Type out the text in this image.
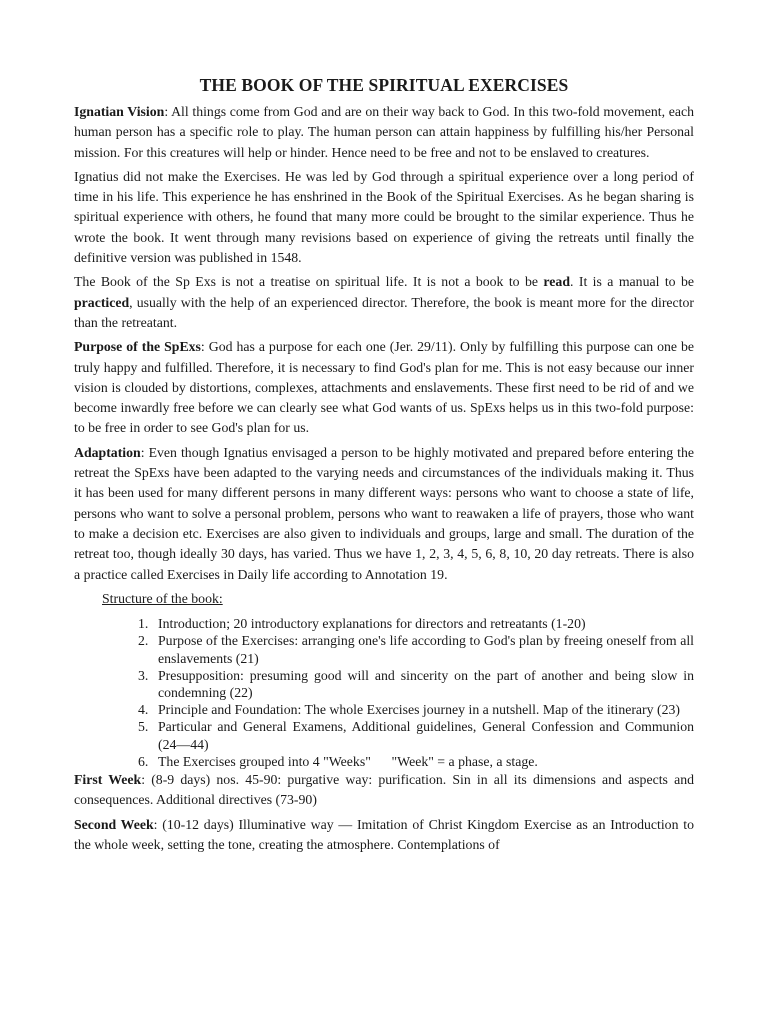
THE BOOK OF THE SPIRITUAL EXERCISES

Ignatian Vision: All things come from God and are on their way back to God. In this two-fold movement, each human person has a specific role to play. The human person can attain happiness by fulfilling his/her Personal mission. For this creatures will help or hinder. Hence need to be free and not to be enslaved to creatures.

Ignatius did not make the Exercises. He was led by God through a spiritual experience over a long period of time in his life. This experience he has enshrined in the Book of the Spiritual Exercises. As he began sharing is spiritual experience with others, he found that many more could be brought to the similar experience. Thus he wrote the book. It went through many revisions based on experience of giving the retreats until finally the definitive version was published in 1548.

The Book of the Sp Exs is not a treatise on spiritual life. It is not a book to be read. It is a manual to be practiced, usually with the help of an experienced director. Therefore, the book is meant more for the director than the retreatant.

Purpose of the SpExs: God has a purpose for each one (Jer. 29/11). Only by fulfilling this purpose can one be truly happy and fulfilled. Therefore, it is necessary to find God's plan for me. This is not easy because our inner vision is clouded by distortions, complexes, attachments and enslavements. These first need to be rid of and we become inwardly free before we can clearly see what God wants of us. SpExs helps us in this two-fold purpose: to be free in order to see God's plan for us.

Adaptation: Even though Ignatius envisaged a person to be highly motivated and prepared before entering the retreat the SpExs have been adapted to the varying needs and circumstances of the individuals making it. Thus it has been used for many different persons in many different ways: persons who want to choose a state of life, persons who want to solve a personal problem, persons who want to reawaken a life of prayers, those who want to make a decision etc. Exercises are also given to individuals and groups, large and small. The duration of the retreat too, though ideally 30 days, has varied. Thus we have 1, 2, 3, 4, 5, 6, 8, 10, 20 day retreats. There is also a practice called Exercises in Daily life according to Annotation 19.

Structure of the book:
1. Introduction; 20 introductory explanations for directors and retreatants (1-20)
2. Purpose of the Exercises: arranging one's life according to God's plan by freeing oneself from all enslavements (21)
3. Presupposition: presuming good will and sincerity on the part of another and being slow in condemning (22)
4. Principle and Foundation: The whole Exercises journey in a nutshell. Map of the itinerary (23)
5. Particular and General Examens, Additional guidelines, General Confession and Communion (24—44)
6. The Exercises grouped into 4 "Weeks"      "Week" = a phase, a stage.

First Week: (8-9 days) nos. 45-90: purgative way: purification. Sin in all its dimensions and aspects and consequences. Additional directives (73-90)

Second Week: (10-12 days) Illuminative way — Imitation of Christ Kingdom Exercise as an Introduction to the whole week, setting the tone, creating the atmosphere. Contemplations of
